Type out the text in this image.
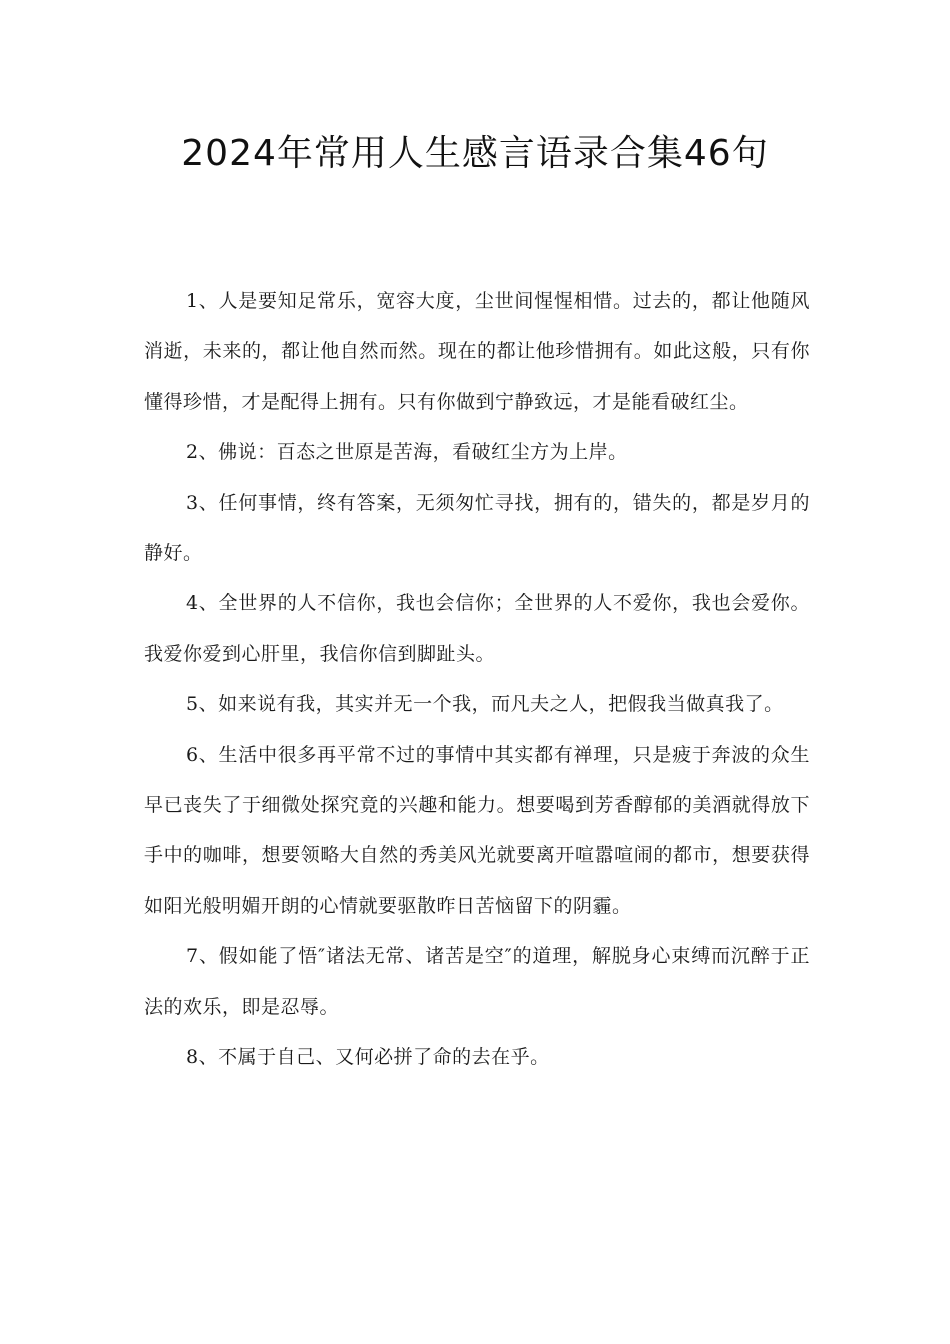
2024年常用人生感言语录合集46句

1、人是要知足常乐，宽容大度，尘世间惺惺相惜。过去的，都让他随风消逝，未来的，都让他自然而然。现在的都让他珍惜拥有。如此这般，只有你懂得珍惜，才是配得上拥有。只有你做到宁静致远，才是能看破红尘。

2、佛说：百态之世原是苦海，看破红尘方为上岸。

3、任何事情，终有答案，无须匆忙寻找，拥有的，错失的，都是岁月的静好。

4、全世界的人不信你，我也会信你；全世界的人不爱你，我也会爱你。我爱你爱到心肝里，我信你信到脚趾头。

5、如来说有我，其实并无一个我，而凡夫之人，把假我当做真我了。

6、生活中很多再平常不过的事情中其实都有禅理，只是疲于奔波的众生早已丧失了于细微处探究竟的兴趣和能力。想要喝到芳香醇郁的美酒就得放下手中的咖啡，想要领略大自然的秀美风光就要离开喧嚣喧闹的都市，想要获得如阳光般明媚开朗的心情就要驱散昨日苦恼留下的阴霾。

7、假如能了悟″诸法无常、诸苦是空″的道理，解脱身心束缚而沉醉于正法的欢乐，即是忍辱。

8、不属于自己、又何必拼了命的去在乎。
